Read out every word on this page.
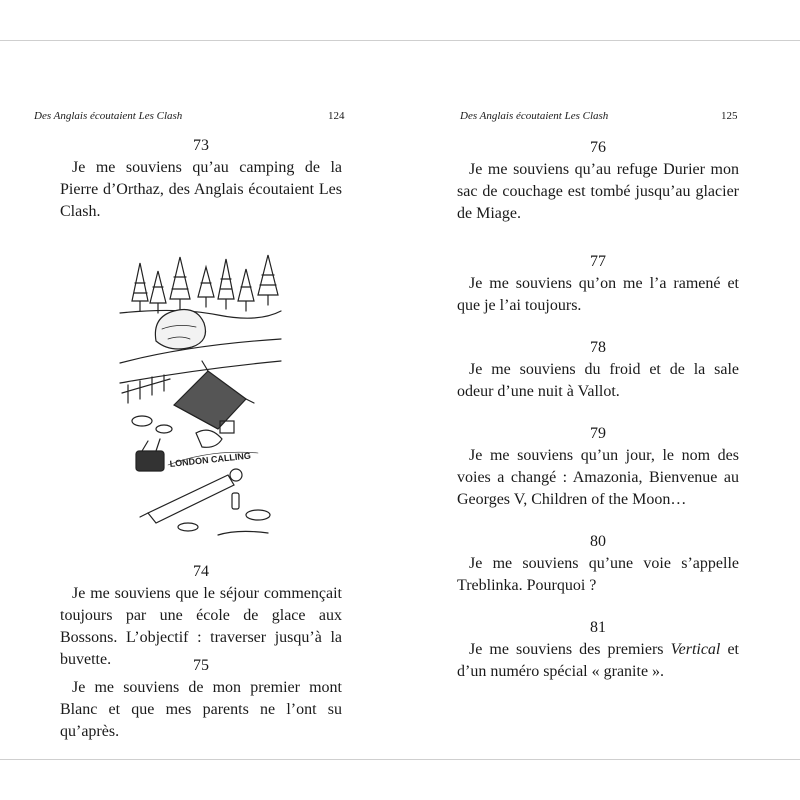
Des Anglais écoutaient Les Clash	124
73
Je me souviens qu’au camping de la Pierre d’Orthaz, des Anglais écoutaient Les Clash.
LONDON CALLING
74
Je me souviens que le séjour commençait toujours par une école de glace aux Bossons. L’objectif : traverser jusqu’à la buvette.	75
Je me souviens de mon premier mont Blanc et que mes parents ne l’ont su qu’après.
Des Anglais écoutaient Les Clash	125
76
Je me souviens qu’au refuge Durier mon sac de couchage est tombé jusqu’au glacier de Miage.
77
Je me souviens qu’on me l’a ramené et que je l’ai toujours.
78
Je me souviens du froid et de la sale odeur d’une nuit à Vallot.
79
Je me souviens qu’un jour, le nom des voies a changé : Amazonia, Bienvenue au Georges V, Children of the Moon…
80
Je me souviens qu’une voie s’appelle Treblinka. Pourquoi ?
81
Je me souviens des premiers Vertical et d’un numéro spécial « granite ».
